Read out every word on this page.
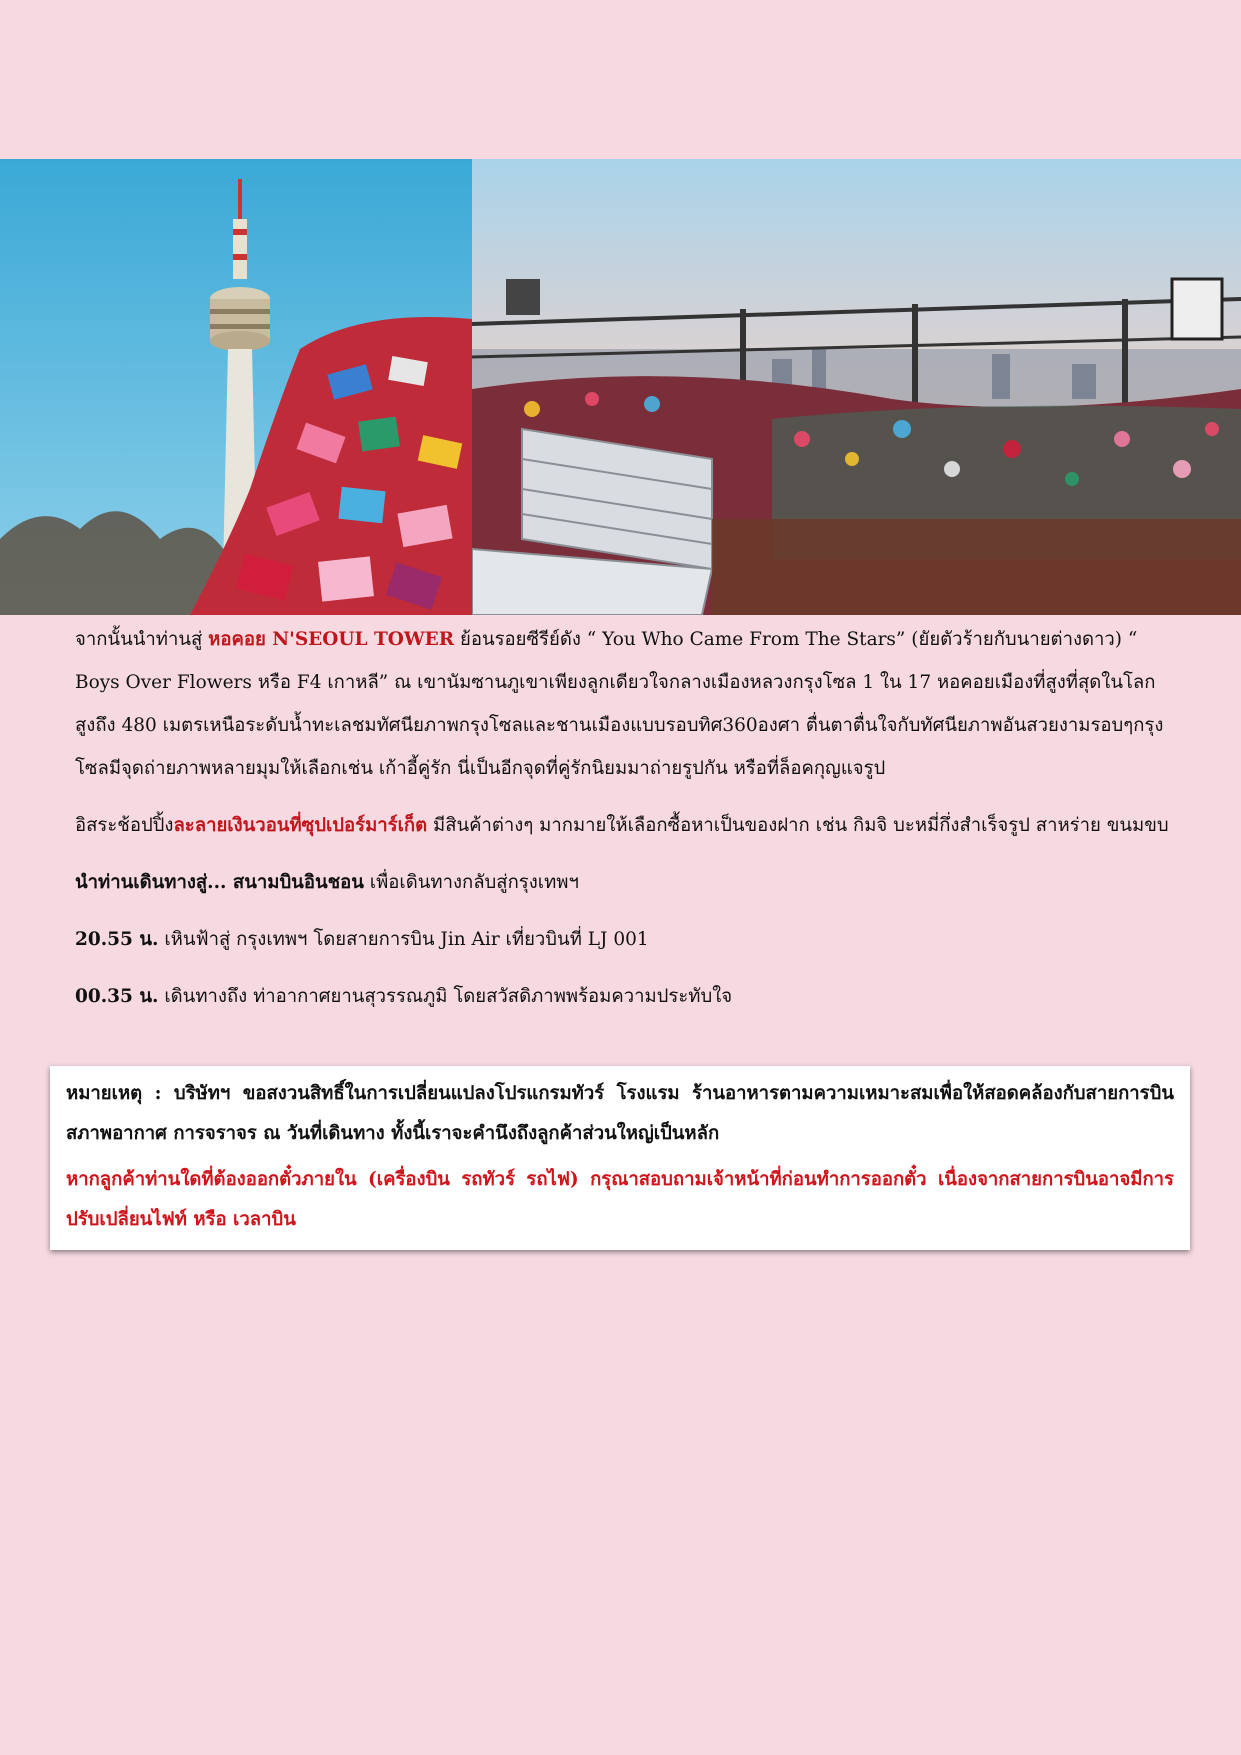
จากนั้นนำท่านสู่ หอคอย N'SEOUL TOWER ย้อนรอยซีรีย์ดัง “ You Who Came From The Stars” (ยัยตัวร้ายกับนายต่างดาว) “ Boys Over Flowers หรือ F4 เกาหลี” ณ เขานัมซานภูเขาเพียงลูกเดียวใจกลางเมืองหลวงกรุงโซล 1 ใน 17 หอคอยเมืองที่สูงที่สุดในโลก สูงถึง 480 เมตรเหนือระดับน้ำทะเลชมทัศนียภาพกรุงโซลและชานเมืองแบบรอบทิศ360องศา ตื่นตาตื่นใจกับทัศนียภาพอันสวยงามรอบๆกรุงโซลมีจุดถ่ายภาพหลายมุมให้เลือกเช่น เก้าอี้คู่รัก นี่เป็นอีกจุดที่คู่รักนิยมมาถ่ายรูปกัน หรือที่ล็อคกุญแจรูป

อิสระช้อปปิ้งละลายเงินวอนที่ซุปเปอร์มาร์เก็ต มีสินค้าต่างๆ มากมายให้เลือกซื้อหาเป็นของฝาก เช่น กิมจิ บะหมี่กึ่งสำเร็จรูป สาหร่าย ขนมขบ

นำท่านเดินทางสู่... สนามบินอินชอน เพื่อเดินทางกลับสู่กรุงเทพฯ

20.55 น. เหินฟ้าสู่ กรุงเทพฯ โดยสายการบิน Jin Air เที่ยวบินที่ LJ 001

00.35 น. เดินทางถึง ท่าอากาศยานสุวรรณภูมิ โดยสวัสดิภาพพร้อมความประทับใจ

หมายเหตุ : บริษัทฯ ขอสงวนสิทธิ์ในการเปลี่ยนแปลงโปรแกรมทัวร์ โรงแรม ร้านอาหารตามความเหมาะสมเพื่อให้สอดคล้องกับสายการบิน สภาพอากาศ การจราจร ณ วันที่เดินทาง ทั้งนี้เราจะคำนึงถึงลูกค้าส่วนใหญ่เป็นหลัก

หากลูกค้าท่านใดที่ต้องออกตั๋วภายใน (เครื่องบิน รถทัวร์ รถไฟ) กรุณาสอบถามเจ้าหน้าที่ก่อนทำการออกตั๋ว เนื่องจากสายการบินอาจมีการปรับเปลี่ยนไฟท์ หรือ เวลาบิน
